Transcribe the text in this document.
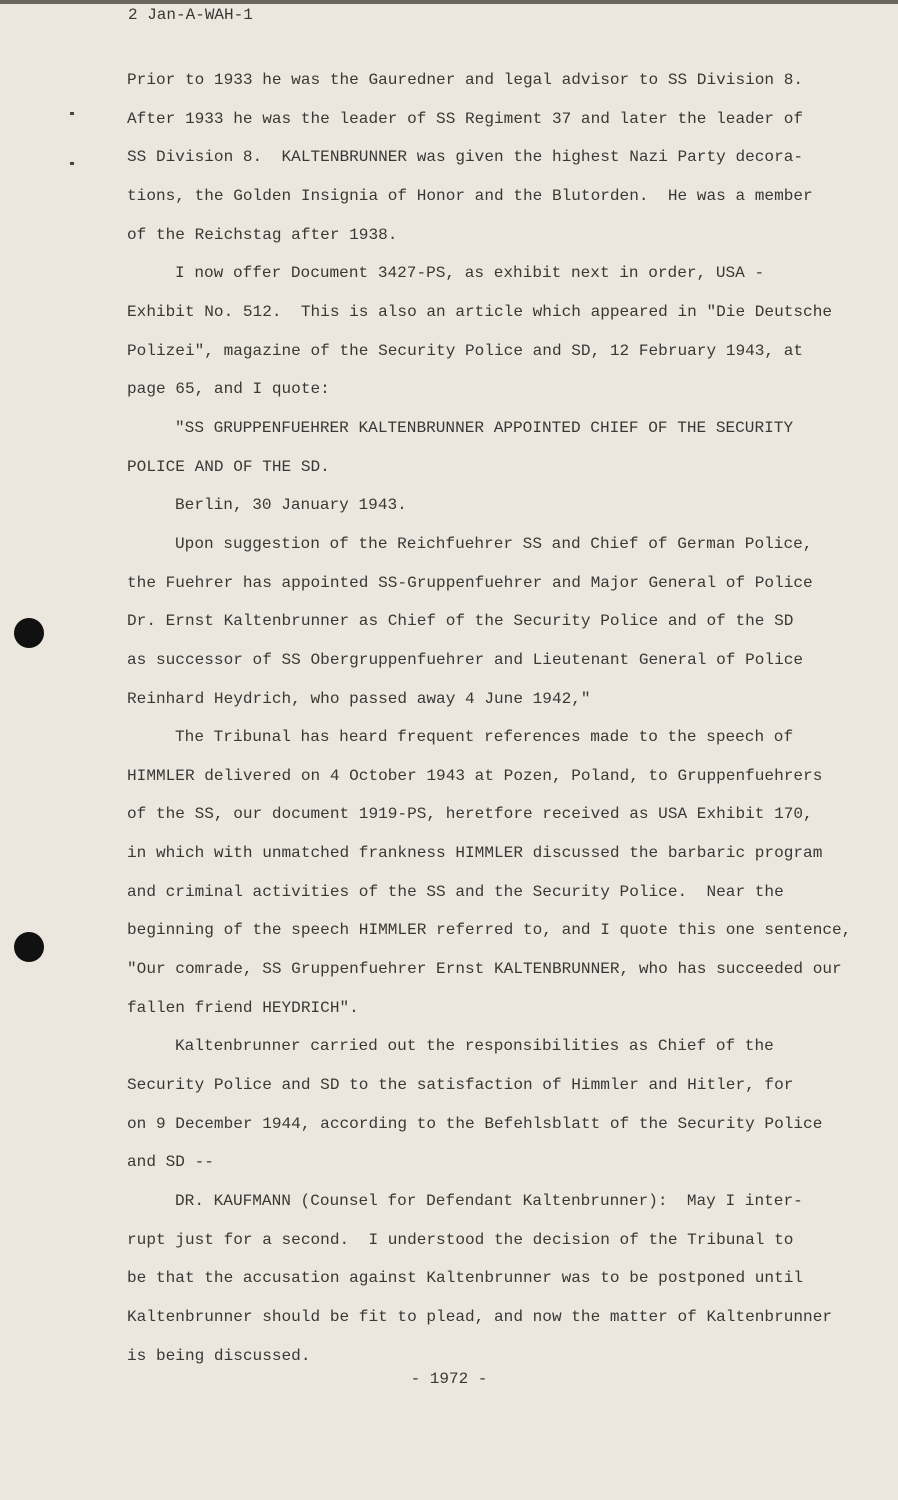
2 Jan-A-WAH-1
Prior to 1933 he was the Gauredner and legal advisor to SS Division 8.
After 1933 he was the leader of SS Regiment 37 and later the leader of
SS Division 8.  KALTENBRUNNER was given the highest Nazi Party decora-
tions, the Golden Insignia of Honor and the Blutorden.  He was a member
of the Reichstag after 1938.
I now offer Document 3427-PS, as exhibit next in order, USA -
Exhibit No. 512.  This is also an article which appeared in "Die Deutsche
Polizei", magazine of the Security Police and SD, 12 February 1943, at
page 65, and I quote:
"SS GRUPPENFUEHRER KALTENBRUNNER APPOINTED CHIEF OF THE SECURITY
POLICE AND OF THE SD.
Berlin, 30 January 1943.
Upon suggestion of the Reichfuehrer SS and Chief of German Police,
the Fuehrer has appointed SS-Gruppenfuehrer and Major General of Police
Dr. Ernst Kaltenbrunner as Chief of the Security Police and of the SD
as successor of SS Obergruppenfuehrer and Lieutenant General of Police
Reinhard Heydrich, who passed away 4 June 1942,"
The Tribunal has heard frequent references made to the speech of
HIMMLER delivered on 4 October 1943 at Pozen, Poland, to Gruppenfuehrers
of the SS, our document 1919-PS, heretfore received as USA Exhibit 170,
in which with unmatched frankness HIMMLER discussed the barbaric program
and criminal activities of the SS and the Security Police.  Near the
beginning of the speech HIMMLER referred to, and I quote this one sentence,
"Our comrade, SS Gruppenfuehrer Ernst KALTENBRUNNER, who has succeeded our
fallen friend HEYDRICH".
Kaltenbrunner carried out the responsibilities as Chief of the
Security Police and SD to the satisfaction of Himmler and Hitler, for
on 9 December 1944, according to the Befehlsblatt of the Security Police
and SD --
DR. KAUFMANN (Counsel for Defendant Kaltenbrunner):  May I inter-
rupt just for a second.  I understood the decision of the Tribunal to
be that the accusation against Kaltenbrunner was to be postponed until
Kaltenbrunner should be fit to plead, and now the matter of Kaltenbrunner
is being discussed.
- 1972 -
